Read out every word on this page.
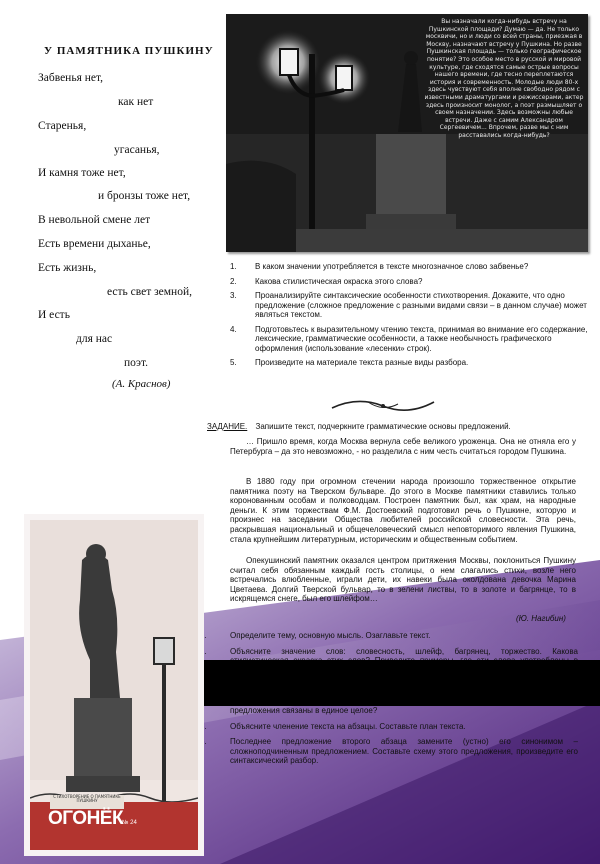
У ПАМЯТНИКА ПУШКИНУ
Забвенья нет,
как нет
Старенья,
угасанья,
И камня тоже нет,
и бронзы тоже нет,
В невольной смене лет
Есть времени дыханье,
Есть жизнь,
есть свет земной,
И есть
для нас
поэт.
(А. Краснов)
Вы назначали когда-нибудь встречу на Пушкинской площади? Думаю — да. Не только москвичи, но и люди со всей страны, приезжая в Москву, назначают встречу у Пушкина. Но разве Пушкинская площадь — только географическое понятие? Это особое место в русской и мировой культуре, где сходятся самые острые вопросы нашего времени, где тесно переплетаются история и современность. Молодые люди 80-х здесь чувствуют себя вполне свободно рядом с известными драматургами и режиссерами, актер здесь произносит монолог, а поэт размышляет о своем назначении. Здесь возможны любые встречи. Даже с самим Александром Сергеевичем... Впрочем, разве мы с ним расставались когда-нибудь?
1. В каком значении употребляется в тексте многозначное слово забвенье?
2. Какова стилистическая окраска этого слова?
3. Проанализируйте синтаксические особенности стихотворения. Докажите, что одно предложение (сложное предложение с разными видами связи – в данном случае) может являться текстом.
4. Подготовьтесь к выразительному чтению текста, принимая во внимание его содержание, лексические, грамматические особенности, а также необычность графического оформления (использование «лесенки» строк).
5. Произведите на материале текста разные виды разбора.
ЗАДАНИЕ. Запишите текст, подчеркните грамматические основы предложений.
… Пришло время, когда Москва вернула себе великого уроженца. Она не отняла его у Петербурга – да это невозможно, - но разделила с ним честь считаться городом Пушкина.
В 1880 году при огромном стечении народа произошло торжественное открытие памятника поэту на Тверском бульваре. До этого в Москве памятники ставились только коронованным особам и полководцам. Построен памятник был, как храм, на народные деньги. К этим торжествам Ф.М. Достоевский подготовил речь о Пушкине, которую и произнес на заседании Общества любителей российской словесности. Эта речь, раскрывшая национальный и общечеловеческий смысл неповторимого явления Пушкина, стала крупнейшим литературным, историческим и общественным событием.
Опекушинский памятник оказался центром притяжения Москвы, поклониться Пушкину считал себя обязанным каждый гость столицы, о нем слагались стихи, возле него встречались влюбленные, играли дети, их навеки была околдована девочка Марина Цветаева. Долгий Тверской бульвар, то в зелени листвы, то в золоте и багрянце, то в искрящемся снеге, был его шлейфом…
(Ю. Нагибин)
1.	Определите тему, основную мысль. Озаглавьте текст.
2.	Объясните значение слов: словесность, шлейф, багрянец, торжество. Какова
предложения связаны в единое целое?
5.	Объясните членение текста на абзацы. Составьте план текста.
6.	Последнее предложение второго абзаца замените (устно) его синонимом – сложноподчиненным предложением. Составьте схему этого предложения, произведите его синтаксический разбор.
СТИХОТВОРЕНИЕ О ПАМЯТНИКЕ ПУШКИНУ
ОГОНЁК
№ 24
